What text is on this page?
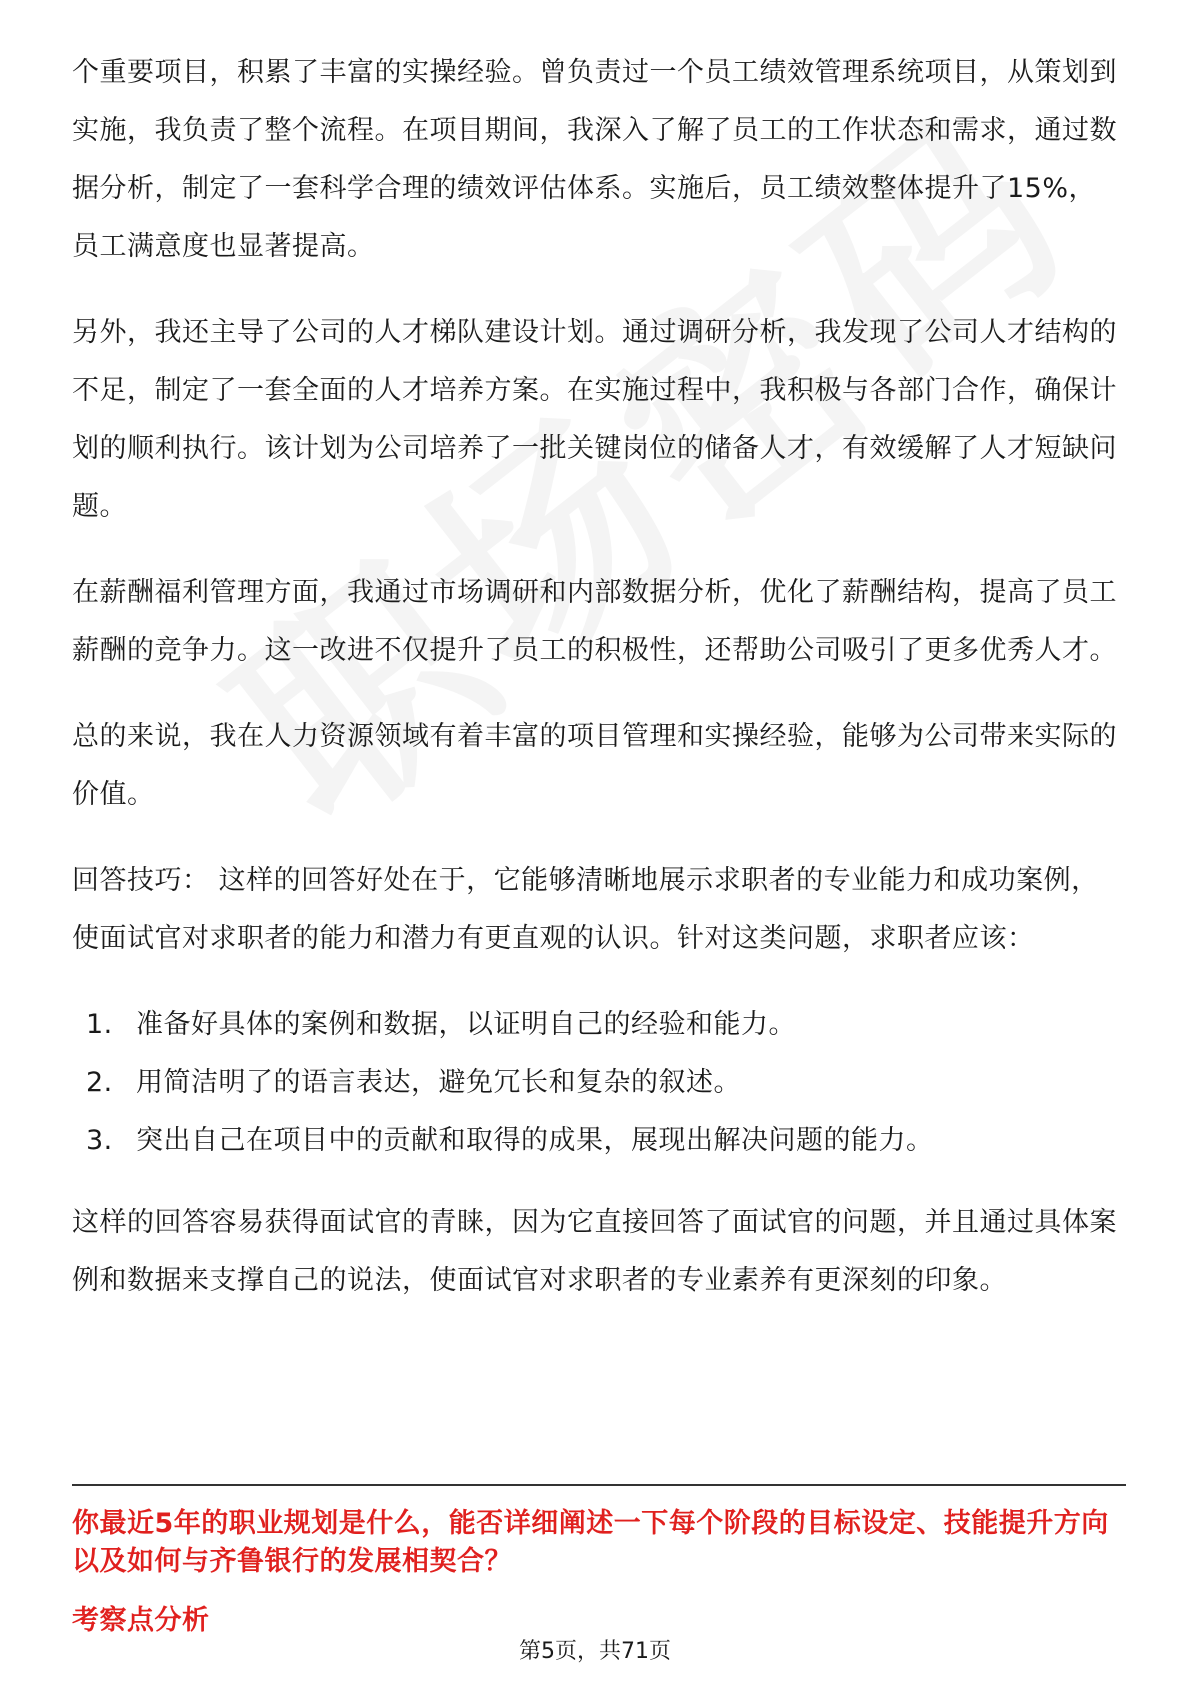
个重要项目，积累了丰富的实操经验。曾负责过一个员工绩效管理系统项目，从策划到实施，我负责了整个流程。在项目期间，我深入了解了员工的工作状态和需求，通过数据分析，制定了一套科学合理的绩效评估体系。实施后，员工绩效整体提升了15%，员工满意度也显著提高。

另外，我还主导了公司的人才梯队建设计划。通过调研分析，我发现了公司人才结构的不足，制定了一套全面的人才培养方案。在实施过程中，我积极与各部门合作，确保计划的顺利执行。该计划为公司培养了一批关键岗位的储备人才，有效缓解了人才短缺问题。

在薪酬福利管理方面，我通过市场调研和内部数据分析，优化了薪酬结构，提高了员工薪酬的竞争力。这一改进不仅提升了员工的积极性，还帮助公司吸引了更多优秀人才。

总的来说，我在人力资源领域有着丰富的项目管理和实操经验，能够为公司带来实际的价值。

回答技巧： 这样的回答好处在于，它能够清晰地展示求职者的专业能力和成功案例，使面试官对求职者的能力和潜力有更直观的认识。针对这类问题，求职者应该：

1. 准备好具体的案例和数据，以证明自己的经验和能力。
2. 用简洁明了的语言表达，避免冗长和复杂的叙述。
3. 突出自己在项目中的贡献和取得的成果，展现出解决问题的能力。

这样的回答容易获得面试官的青睐，因为它直接回答了面试官的问题，并且通过具体案例和数据来支撑自己的说法，使面试官对求职者的专业素养有更深刻的印象。

你最近5年的职业规划是什么，能否详细阐述一下每个阶段的目标设定、技能提升方向以及如何与齐鲁银行的发展相契合？

考察点分析

第5页，共71页
